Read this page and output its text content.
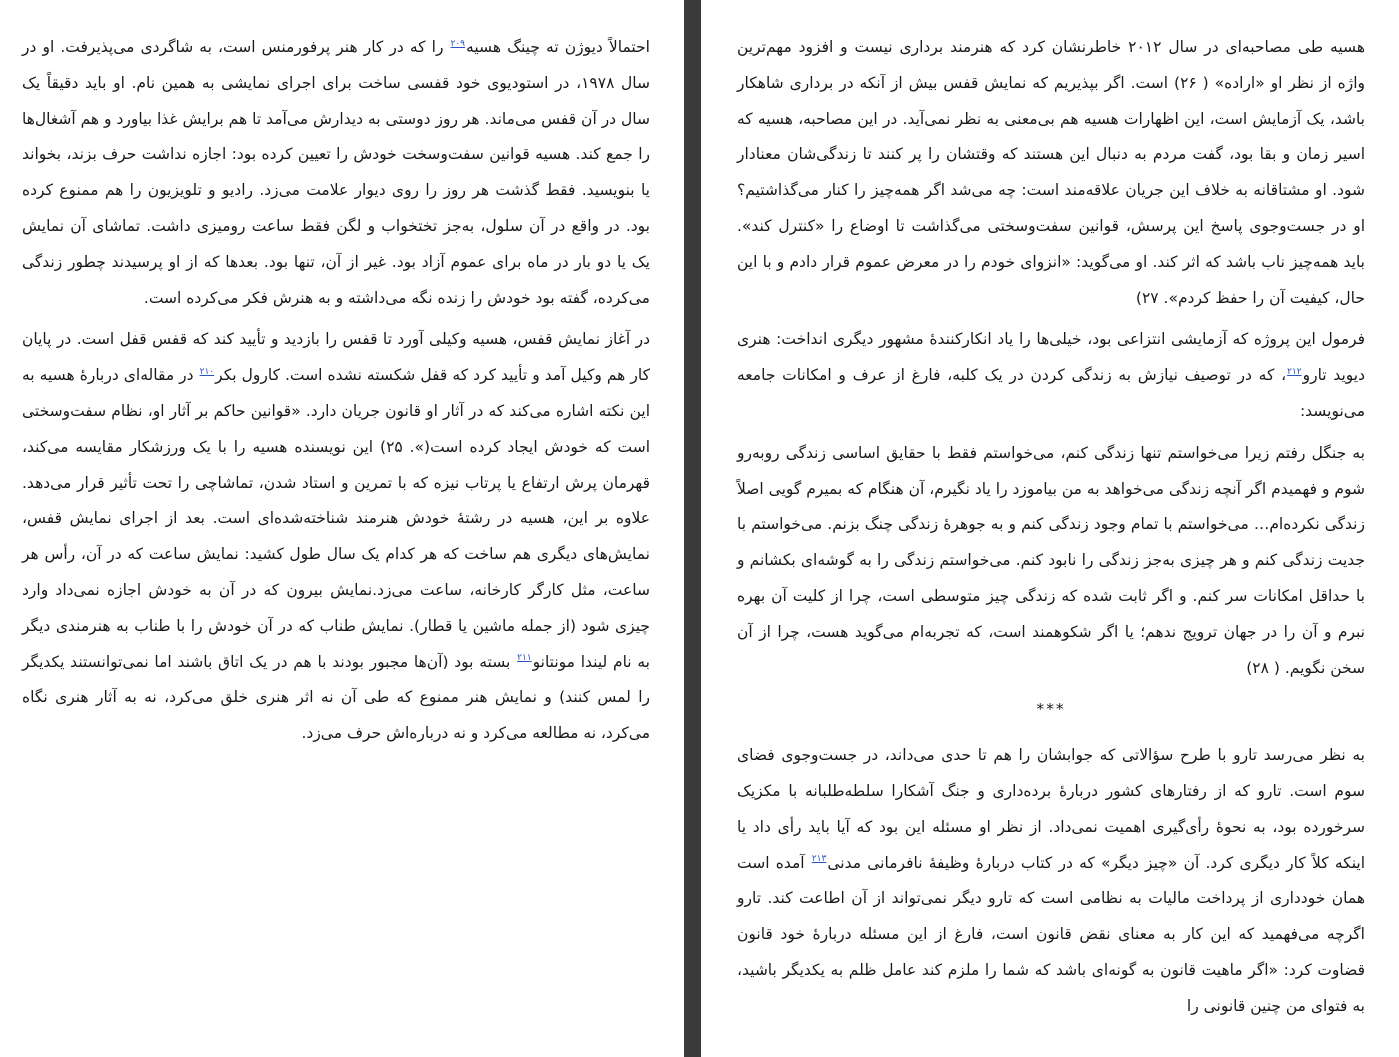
احتمالاً دیوژن ته چینگ هسیه$^{۲۰۹}$ را که در کار هنر پرفورمنس است، به شاگردی می‌پذیرفت. او در سال ۱۹۷۸، در استودیوی خود قفسی ساخت برای اجرای نمایشی به همین نام. او باید دقیقاً یک سال در آن قفس می‌ماند. هر روز دوستی به دیدارش می‌آمد تا هم برایش غذا بیاورد و هم آشغال‌ها را جمع کند. هسیه قوانین سفت‌وسخت خودش را تعیین کرده بود: اجازه نداشت حرف بزند، بخواند یا بنویسید. فقط گذشت هر روز را روی دیوار علامت می‌زد. رادیو و تلویزیون را هم ممنوع کرده بود. در واقع در آن سلول، به‌جز تختخواب و لگن فقط ساعت رومیزی داشت. تماشای آن نمایش یک یا دو بار در ماه برای عموم آزاد بود. غیر از آن، تنها بود. بعدها که از او پرسیدند چطور زندگی می‌کرده، گفته بود خودش را زنده نگه می‌داشته و به هنرش فکر می‌کرده است.

در آغاز نمایش قفس، هسیه وکیلی آورد تا قفس را بازدید و تأیید کند که قفس قفل است. در پایان کار هم وکیل آمد و تأیید کرد که قفل شکسته نشده است. کارول بکر$^{۲۱۰}$ در مقاله‌ای دربارهٔ هسیه به این نکته اشاره می‌کند که در آثار او قانون جریان دارد. «قوانین حاکم بر آثار او، نظام سفت‌وسختی است که خودش ایجاد کرده است(». ۲۵) این نویسنده هسیه را با یک ورزشکار مقایسه می‌کند، قهرمان پرش ارتفاع یا پرتاب نیزه که با تمرین و استاد شدن، تماشاچی را تحت تأثیر قرار می‌دهد. علاوه بر این، هسیه در رشتهٔ خودش هنرمند شناخته‌شده‌ای است. بعد از اجرای نمایش قفس، نمایش‌های دیگری هم ساخت که هر کدام یک سال طول کشید: نمایش ساعت که در آن، رأس هر ساعت، مثل کارگر کارخانه، ساعت می‌زد.نمایش بیرون که در آن به خودش اجازه نمی‌داد وارد چیزی شود (از جمله ماشین یا قطار). نمایش طناب که در آن خودش را با طناب به هنرمندی دیگر به نام لیندا مونتانو$^{۲۱۱}$ بسته بود (آن‌ها مجبور بودند با هم در یک اتاق باشند اما نمی‌توانستند یکدیگر را لمس کنند) و نمایش هنر ممنوع که طی آن نه اثر هنری خلق می‌کرد، نه به آثار هنری نگاه می‌کرد، نه مطالعه می‌کرد و نه درباره‌اش حرف می‌زد.

هسیه طی مصاحبه‌ای در سال ۲۰۱۲ خاطرنشان کرد که هنرمند برداری نیست و افزود مهم‌ترین واژه از نظر او «اراده» ( ۲۶) است. اگر بپذیریم که نمایش قفس بیش از آنکه در برداری شاهکار باشد، یک آزمایش است، این اظهارات هسیه هم بی‌معنی به نظر نمی‌آید. در این مصاحبه، هسیه که اسیر زمان و بقا بود، گفت مردم به دنبال این هستند که وقتشان را پر کنند تا زندگی‌شان معنادار شود. او مشتاقانه به خلاف این جریان علاقه‌مند است: چه می‌شد اگر همه‌چیز را کنار می‌گذاشتیم؟ او در جست‌وجوی پاسخ این پرسش، قوانین سفت‌وسختی می‌گذاشت تا اوضاع را «کنترل کند». باید همه‌چیز ناب باشد که اثر کند. او می‌گوید: «انزوای خودم را در معرض عموم قرار دادم و با این حال، کیفیت آن را حفظ کردم». ۲۷)

فرمول این پروژه که آزمایشی انتزاعی بود، خیلی‌ها را یاد انکارکنندهٔ مشهور دیگری انداخت: هنری دیوید تارو$^{۲۱۲}$، که در توصیف نیازش به زندگی کردن در یک کلبه، فارغ از عرف و امکانات جامعه می‌نویسد:

به جنگل رفتم زیرا می‌خواستم تنها زندگی کنم، می‌خواستم فقط با حقایق اساسی زندگی روبه‌رو شوم و فهمیدم اگر آنچه زندگی می‌خواهد به من بیاموزد را یاد نگیرم، آن هنگام که بمیرم گویی اصلاً زندگی نکرده‌ام… می‌خواستم با تمام وجود زندگی کنم و به جوهرهٔ زندگی چنگ بزنم. می‌خواستم با جدیت زندگی کنم و هر چیزی به‌جز زندگی را نابود کنم. می‌خواستم زندگی را به گوشه‌ای بکشانم و با حداقل امکانات سر کنم. و اگر ثابت شده که زندگی چیز متوسطی است، چرا از کلیت آن بهره نبرم و آن را در جهان ترویج ندهم؛ یا اگر شکوهمند است، که تجربه‌ام می‌گوید هست، چرا از آن سخن نگویم. ( ۲۸)

***

به نظر می‌رسد تارو با طرح سؤالاتی که جوابشان را هم تا حدی می‌داند، در جست‌وجوی فضای سوم است. تارو که از رفتارهای کشور دربارهٔ برده‌داری و جنگ آشکارا سلطه‌طلبانه با مکزیک سرخورده بود، به نحوهٔ رأی‌گیری اهمیت نمی‌داد. از نظر او مسئله این بود که آیا باید رأی داد یا اینکه کلاً کار دیگری کرد. آن «چیز دیگر» که در کتاب دربارهٔ وظیفهٔ نافرمانی مدنی$^{۲۱۳}$ آمده است همان خودداری از پرداخت مالیات به نظامی است که تارو دیگر نمی‌تواند از آن اطاعت کند. تارو اگرچه می‌فهمید که این کار به معنای نقض قانون است، فارغ از این مسئله دربارهٔ خود قانون قضاوت کرد: «اگر ماهیت قانون به گونه‌ای باشد که شما را ملزم کند عامل ظلم به یکدیگر باشید، به فتوای من چنین قانونی را
